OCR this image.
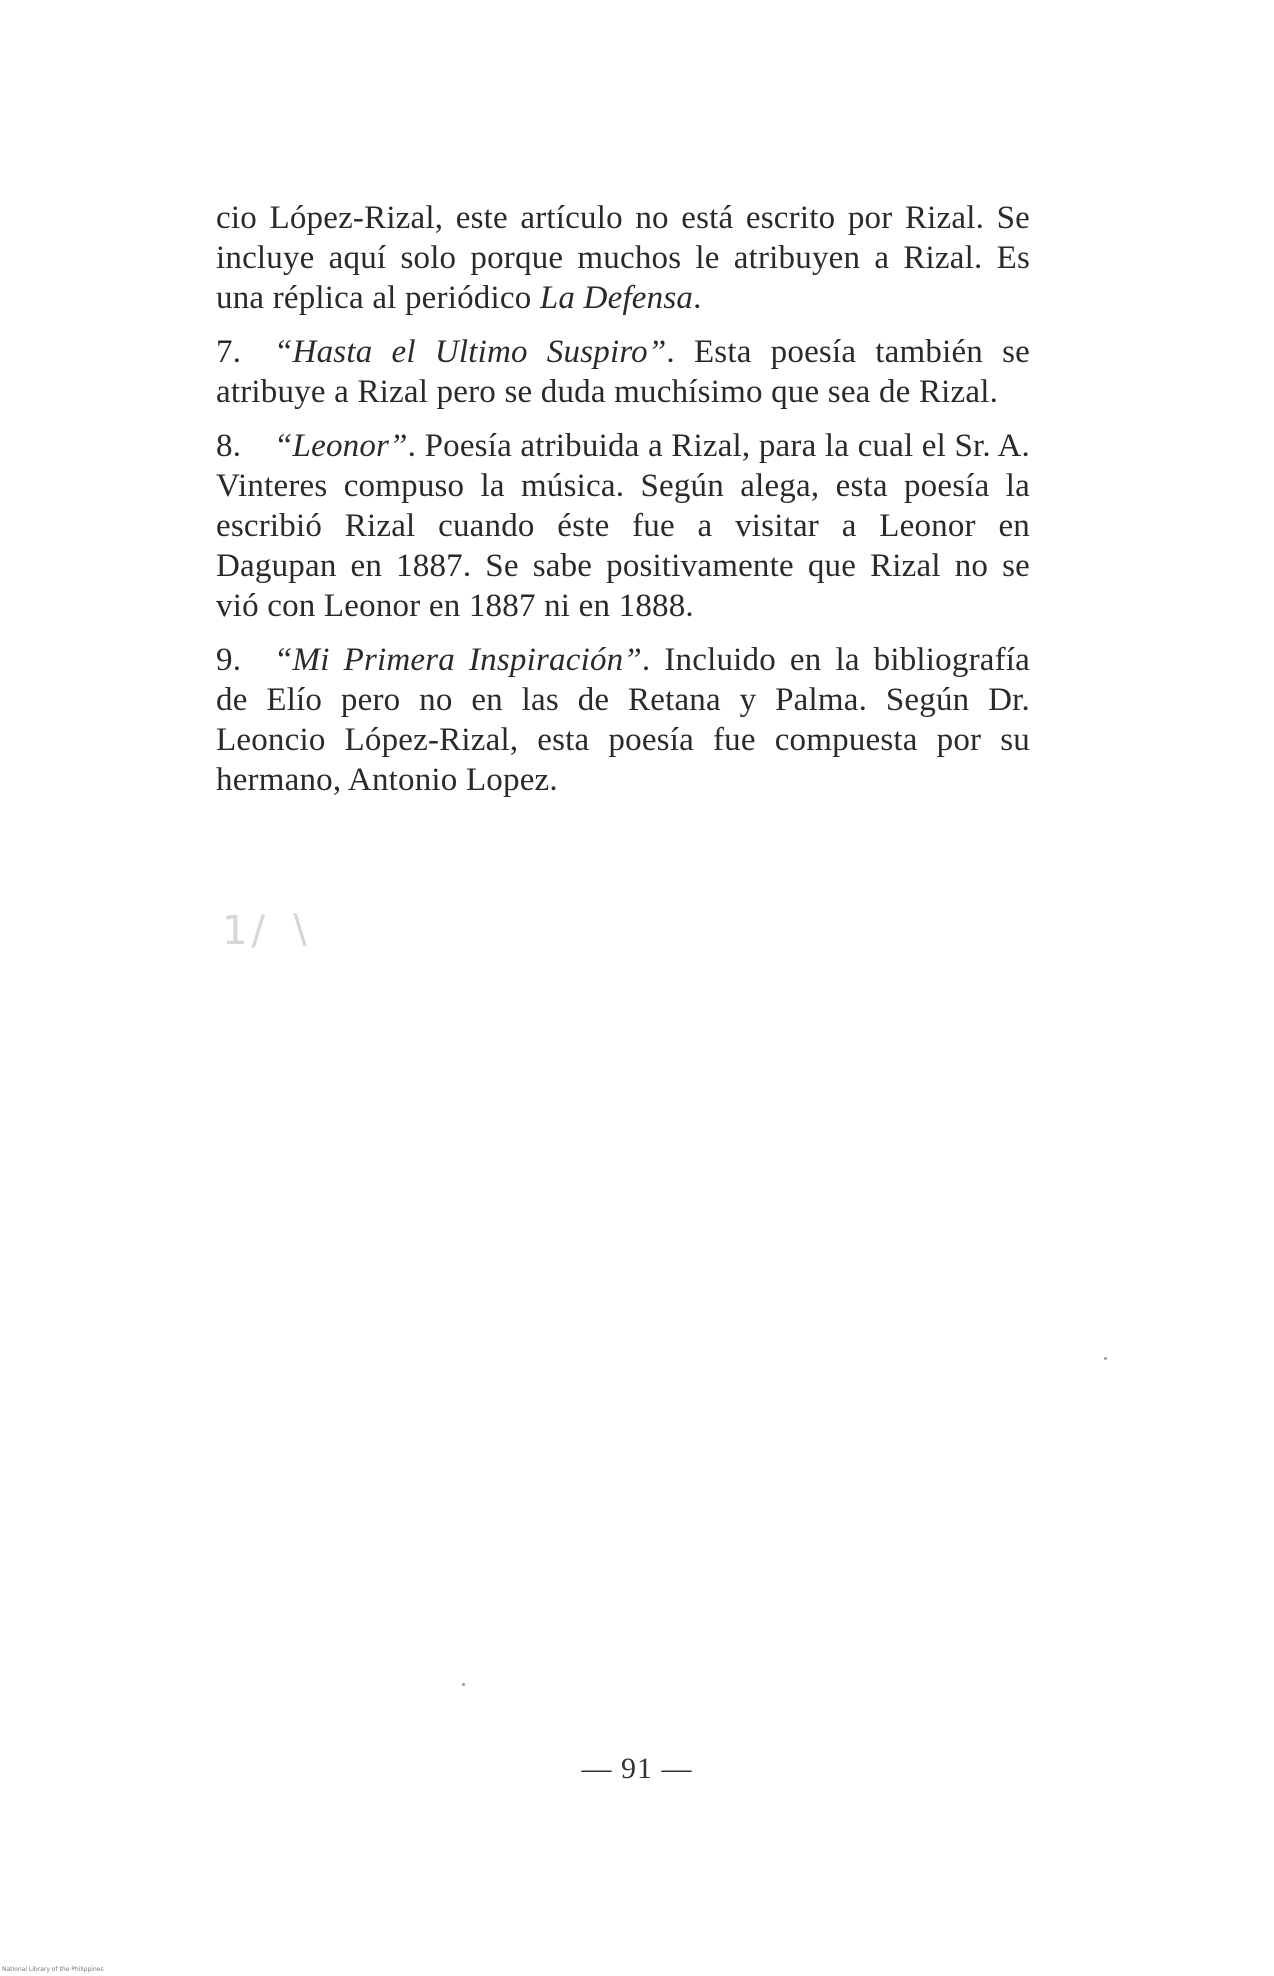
cio López-Rizal, este artículo no está escrito por Rizal. Se incluye aquí solo porque muchos le atribuyen a Rizal. Es una réplica al periódico La Defensa.

7. “Hasta el Ultimo Suspiro”. Esta poesía también se atribuye a Rizal pero se duda muchísimo que sea de Rizal.

8. “Leonor”. Poesía atribuida a Rizal, para la cual el Sr. A. Vinteres compuso la música. Según alega, esta poesía la escribió Rizal cuando éste fue a visitar a Leonor en Dagupan en 1887. Se sabe positivamente que Rizal no se vió con Leonor en 1887 ni en 1888.

9. “Mi Primera Inspiración”. Incluido en la bibliografía de Elío pero no en las de Retana y Palma. Según Dr. Leoncio López-Rizal, esta poesía fue compuesta por su hermano, Antonio Lopez.

1/ ∖
— 91 —
National Library of the Philippines
